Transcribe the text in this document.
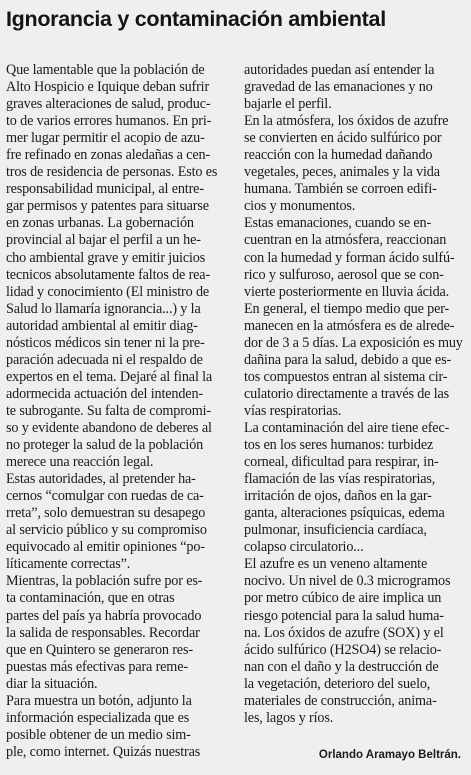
Ignorancia y contaminación ambiental

Que lamentable que la población de
Alto Hospicio e Iquique deban sufrir
graves alteraciones de salud, produc-
to de varios errores humanos. En pri-
mer lugar permitir el acopio de azu-
fre refinado en zonas aledañas a cen-
tros de residencia de personas. Esto es
responsabilidad municipal, al entre-
gar permisos y patentes para situarse
en zonas urbanas. La gobernación
provincial al bajar el perfil a un he-
cho ambiental grave y emitir juicios
tecnicos absolutamente faltos de rea-
lidad y conocimiento (El ministro de
Salud lo llamaría ignorancia...) y la
autoridad ambiental al emitir diag-
nósticos médicos sin tener ni la pre-
paración adecuada ni el respaldo de
expertos en el tema. Dejaré al final la
adormecida actuación del intenden-
te subrogante. Su falta de compromi-
so y evidente abandono de deberes al
no proteger la salud de la población
merece una reacción legal.

Estas autoridades, al pretender ha-
cernos “comulgar con ruedas de ca-
rreta”, solo demuestran su desapego
al servicio público y su compromiso
equivocado al emitir opiniones “po-
líticamente correctas”.

Mientras, la población sufre por es-
ta contaminación, que en otras
partes del país ya habría provocado
la salida de responsables. Recordar
que en Quintero se generaron res-
puestas más efectivas para reme-
diar la situación.

Para muestra un botón, adjunto la
información especializada que es
posible obtener de un medio sim-
ple, como internet. Quizás nuestras

autoridades puedan así entender la
gravedad de las emanaciones y no
bajarle el perfil.

En la atmósfera, los óxidos de azufre
se convierten en ácido sulfúrico por
reacción con la humedad dañando
vegetales, peces, animales y la vida
humana. También se corroen edifi-
cios y monumentos.

Estas emanaciones, cuando se en-
cuentran en la atmósfera, reaccionan
con la humedad y forman ácido sulfú-
rico y sulfuroso, aerosol que se con-
vierte posteriormente en lluvia ácida.

En general, el tiempo medio que per-
manecen en la atmósfera es de alrede-
dor de 3 a 5 días. La exposición es muy
dañina para la salud, debido a que es-
tos compuestos entran al sistema cir-
culatorio directamente a través de las
vías respiratorias.

La contaminación del aire tiene efec-
tos en los seres humanos: turbidez
corneal, dificultad para respirar, in-
flamación de las vías respiratorias,
irritación de ojos, daños en la gar-
ganta, alteraciones psíquicas, edema
pulmonar, insuficiencia cardíaca,
colapso circulatorio...

El azufre es un veneno altamente
nocivo. Un nivel de 0.3 microgramos
por metro cúbico de aire implica un
riesgo potencial para la salud huma-
na. Los óxidos de azufre (SOX) y el
ácido sulfúrico (H2SO4) se relacio-
nan con el daño y la destrucción de
la vegetación, deterioro del suelo,
materiales de construcción, anima-
les, lagos y ríos.

Orlando Aramayo Beltrán.
